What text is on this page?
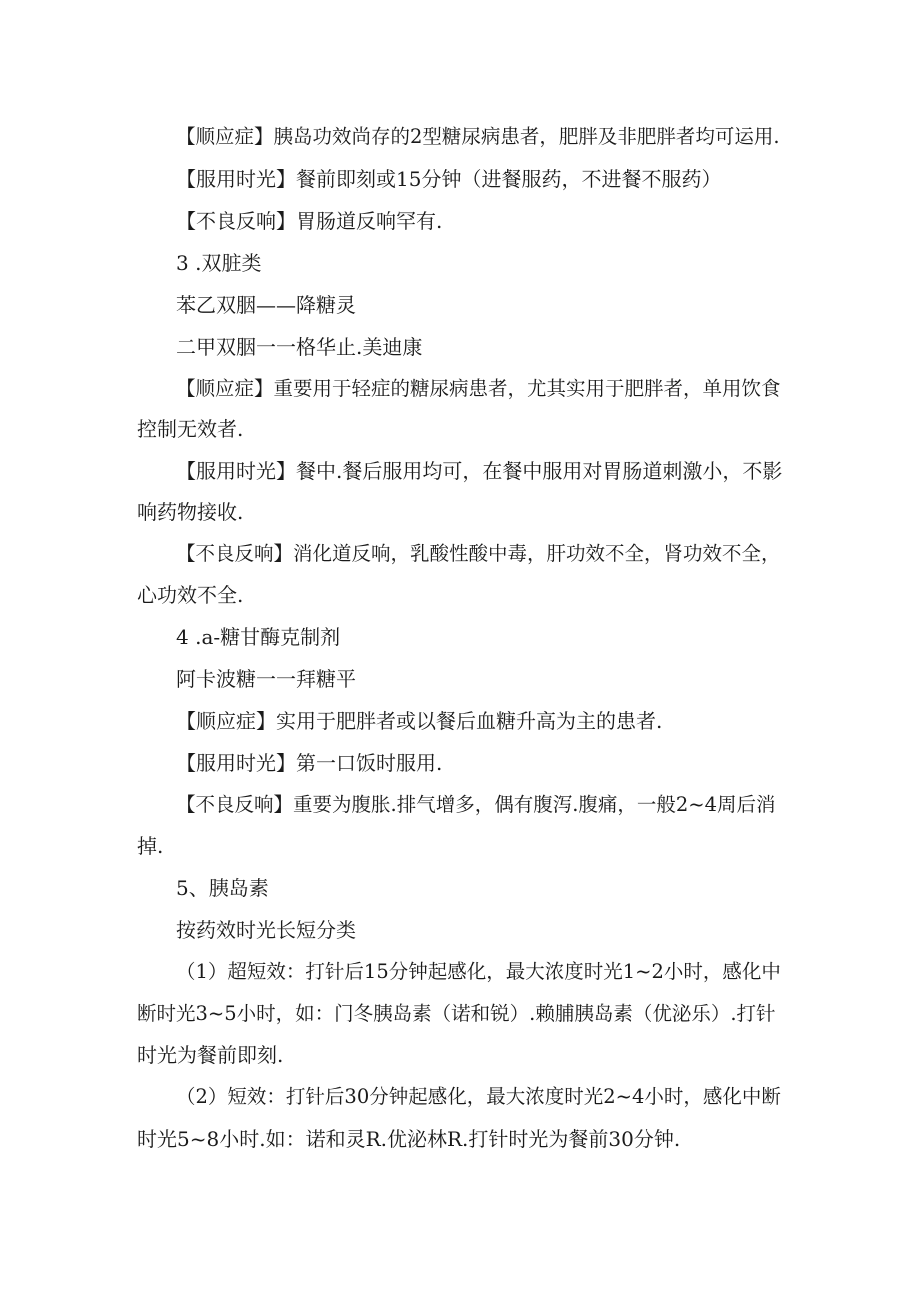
【顺应症】胰岛功效尚存的2型糖尿病患者，肥胖及非肥胖者均可运用.
【服用时光】餐前即刻或15分钟（进餐服药，不进餐不服药）
【不良反响】胃肠道反响罕有.
3 .双脏类
苯乙双胭——降糖灵
二甲双胭一一格华止.美迪康
【顺应症】重要用于轻症的糖尿病患者，尤其实用于肥胖者，单用饮食
控制无效者.
【服用时光】餐中.餐后服用均可，在餐中服用对胃肠道刺激小，不影
响药物接收.
【不良反响】消化道反响，乳酸性酸中毒，肝功效不全，肾功效不全，
心功效不全.
4 .a-糖甘酶克制剂
阿卡波糖一一拜糖平
【顺应症】实用于肥胖者或以餐后血糖升高为主的患者.
【服用时光】第一口饭时服用.
【不良反响】重要为腹胀.排气增多，偶有腹泻.腹痛，一般2~4周后消
掉.
5、胰岛素
按药效时光长短分类
（1）超短效：打针后15分钟起感化，最大浓度时光1~2小时，感化中
断时光3~5小时，如：门冬胰岛素（诺和锐）.赖脯胰岛素（优泌乐）.打针
时光为餐前即刻.
（2）短效：打针后30分钟起感化，最大浓度时光2~4小时，感化中断
时光5~8小时.如：诺和灵R.优泌林R.打针时光为餐前30分钟.
